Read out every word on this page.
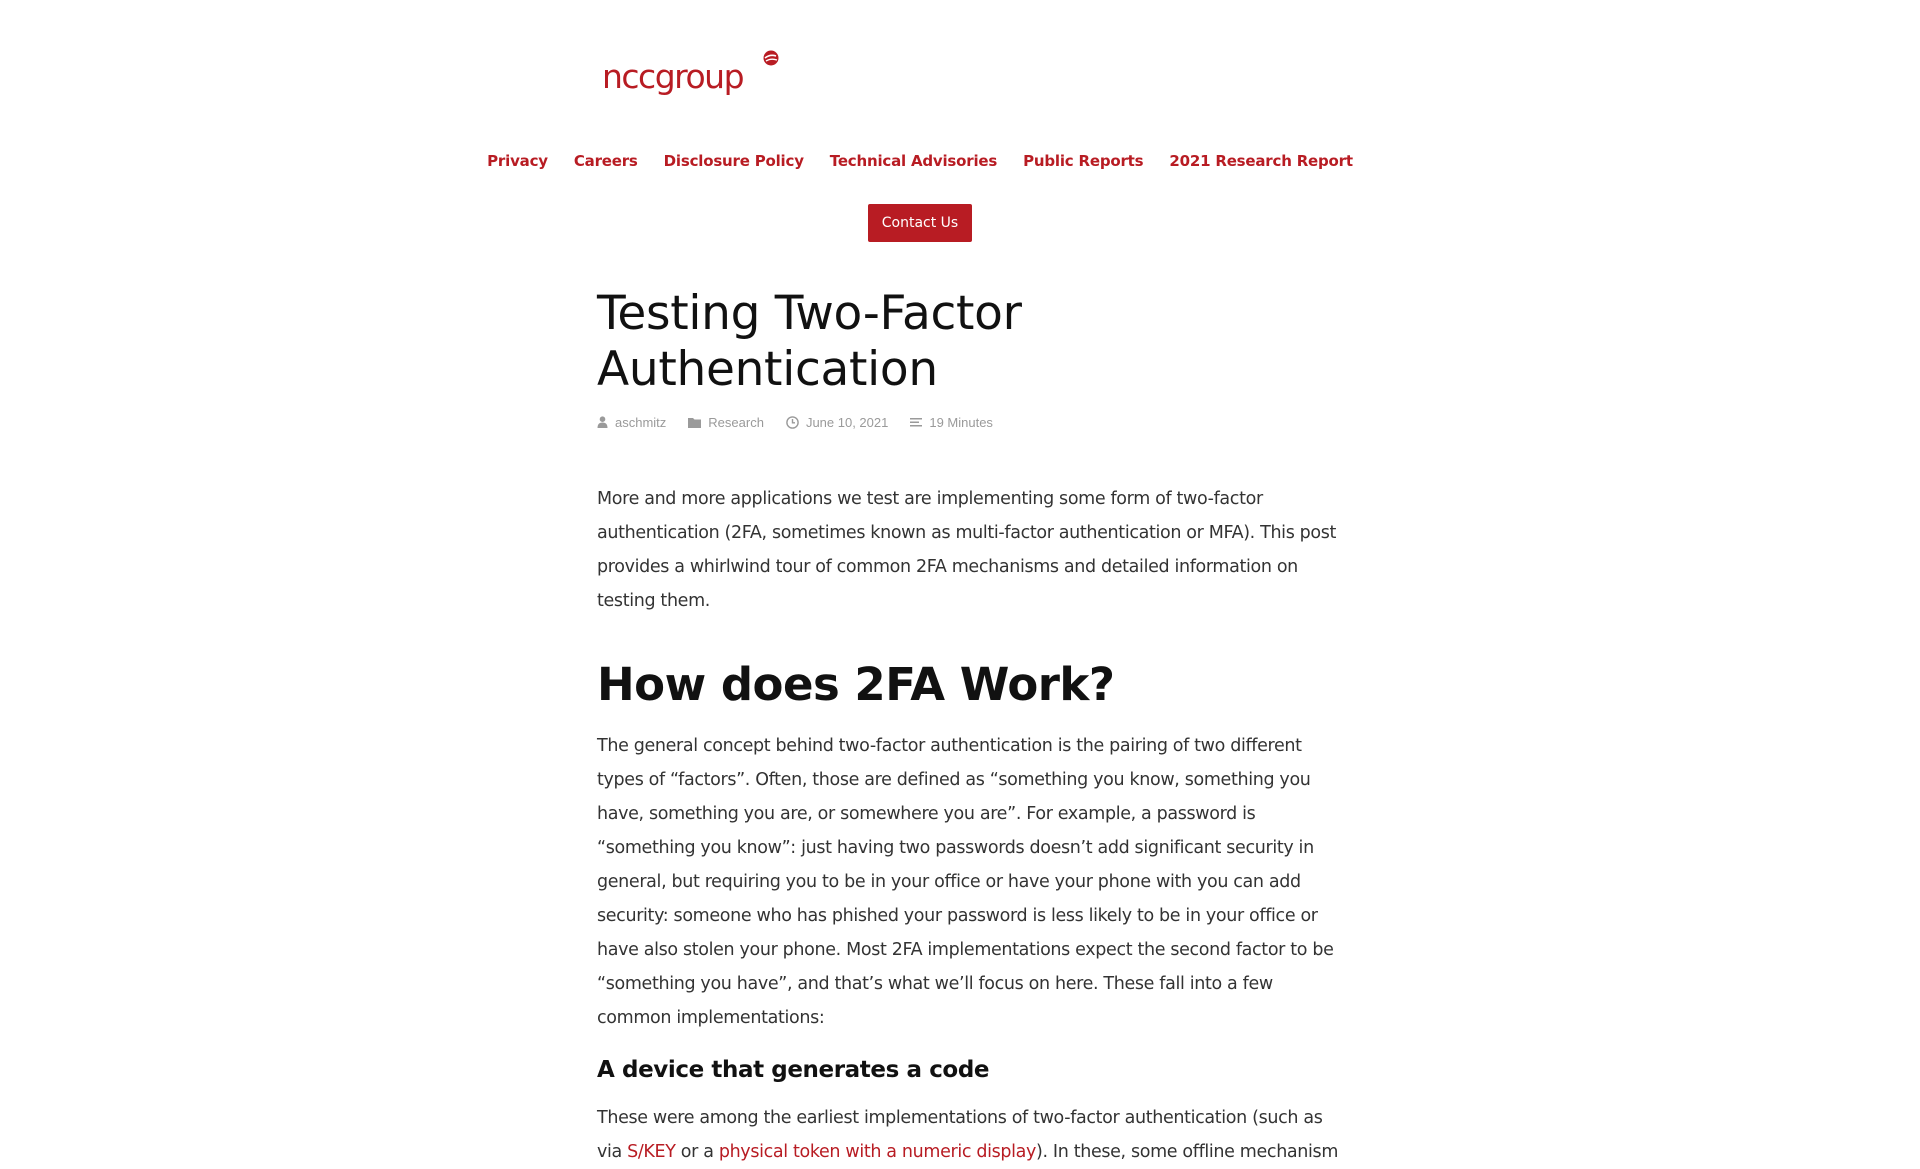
nccgroup
Privacy Careers Disclosure Policy Technical Advisories Public Reports 2021 Research Report
Contact Us
Testing Two-Factor Authentication
aschmitz	Research	June 10, 2021	19 Minutes

More and more applications we test are implementing some form of two-factor authentication (2FA, sometimes known as multi-factor authentication or MFA). This post provides a whirlwind tour of common 2FA mechanisms and detailed information on testing them.

How does 2FA Work?

The general concept behind two-factor authentication is the pairing of two different types of “factors”. Often, those are defined as “something you know, something you have, something you are, or somewhere you are”. For example, a password is “something you know”: just having two passwords doesn’t add significant security in general, but requiring you to be in your office or have your phone with you can add security: someone who has phished your password is less likely to be in your office or have also stolen your phone. Most 2FA implementations expect the second factor to be “something you have”, and that’s what we’ll focus on here. These fall into a few common implementations:

A device that generates a code

These were among the earliest implementations of two-factor authentication (such as via S/KEY or a physical token with a numeric display). In these, some offline mechanism
